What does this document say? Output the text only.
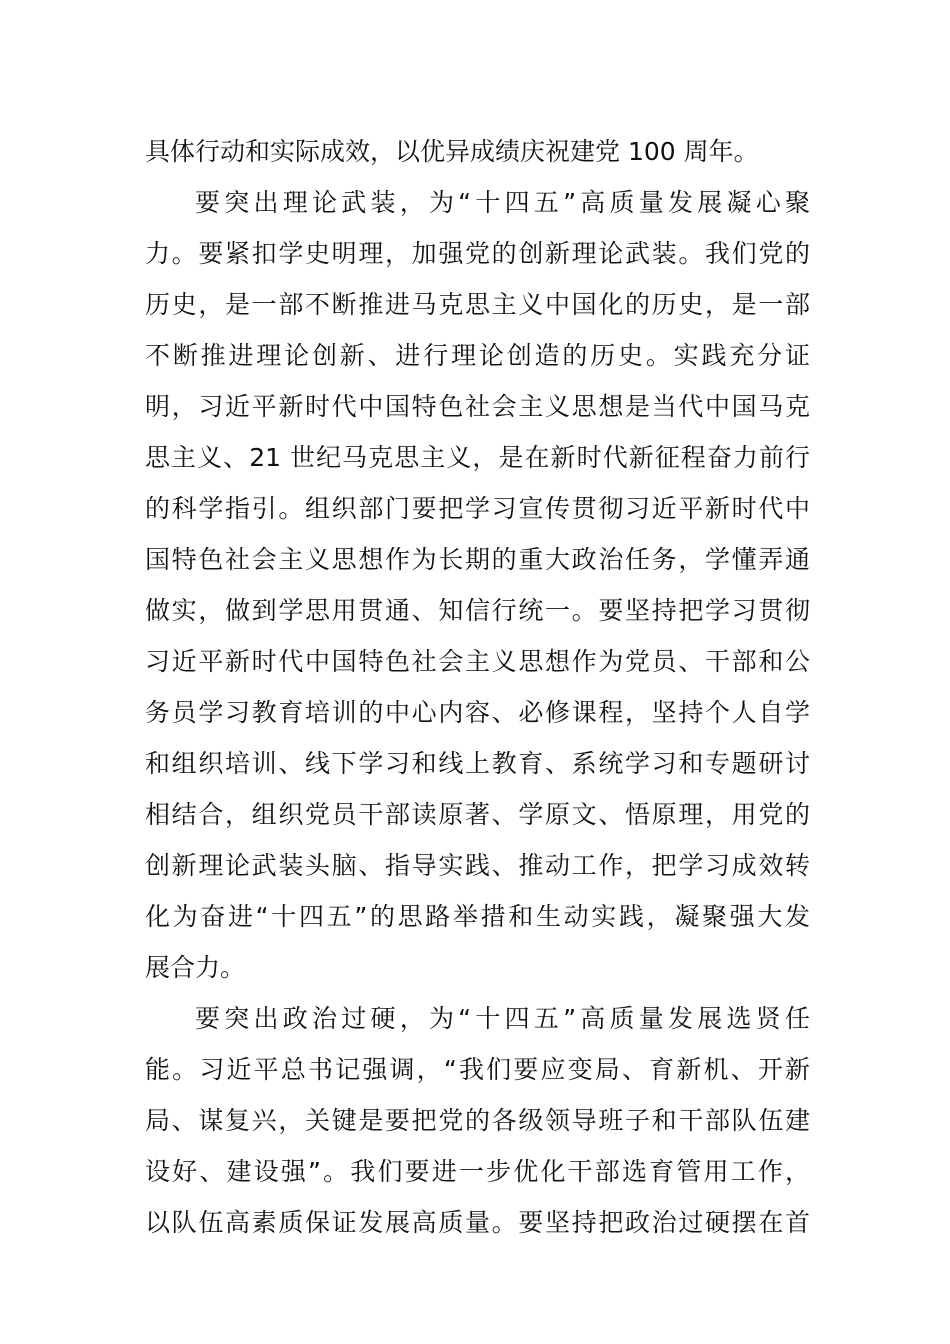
具体行动和实际成效，以优异成绩庆祝建党 100 周年。
要突出理论武装，为“十四五”高质量发展凝心聚
力。要紧扣学史明理，加强党的创新理论武装。我们党的
历史，是一部不断推进马克思主义中国化的历史，是一部
不断推进理论创新、进行理论创造的历史。实践充分证
明，习近平新时代中国特色社会主义思想是当代中国马克
思主义、21 世纪马克思主义，是在新时代新征程奋力前行
的科学指引。组织部门要把学习宣传贯彻习近平新时代中
国特色社会主义思想作为长期的重大政治任务，学懂弄通
做实，做到学思用贯通、知信行统一。要坚持把学习贯彻
习近平新时代中国特色社会主义思想作为党员、干部和公
务员学习教育培训的中心内容、必修课程，坚持个人自学
和组织培训、线下学习和线上教育、系统学习和专题研讨
相结合，组织党员干部读原著、学原文、悟原理，用党的
创新理论武装头脑、指导实践、推动工作，把学习成效转
化为奋进“十四五”的思路举措和生动实践，凝聚强大发
展合力。
要突出政治过硬，为“十四五”高质量发展选贤任
能。习近平总书记强调，“我们要应变局、育新机、开新
局、谋复兴，关键是要把党的各级领导班子和干部队伍建
设好、建设强”。我们要进一步优化干部选育管用工作，
以队伍高素质保证发展高质量。要坚持把政治过硬摆在首
